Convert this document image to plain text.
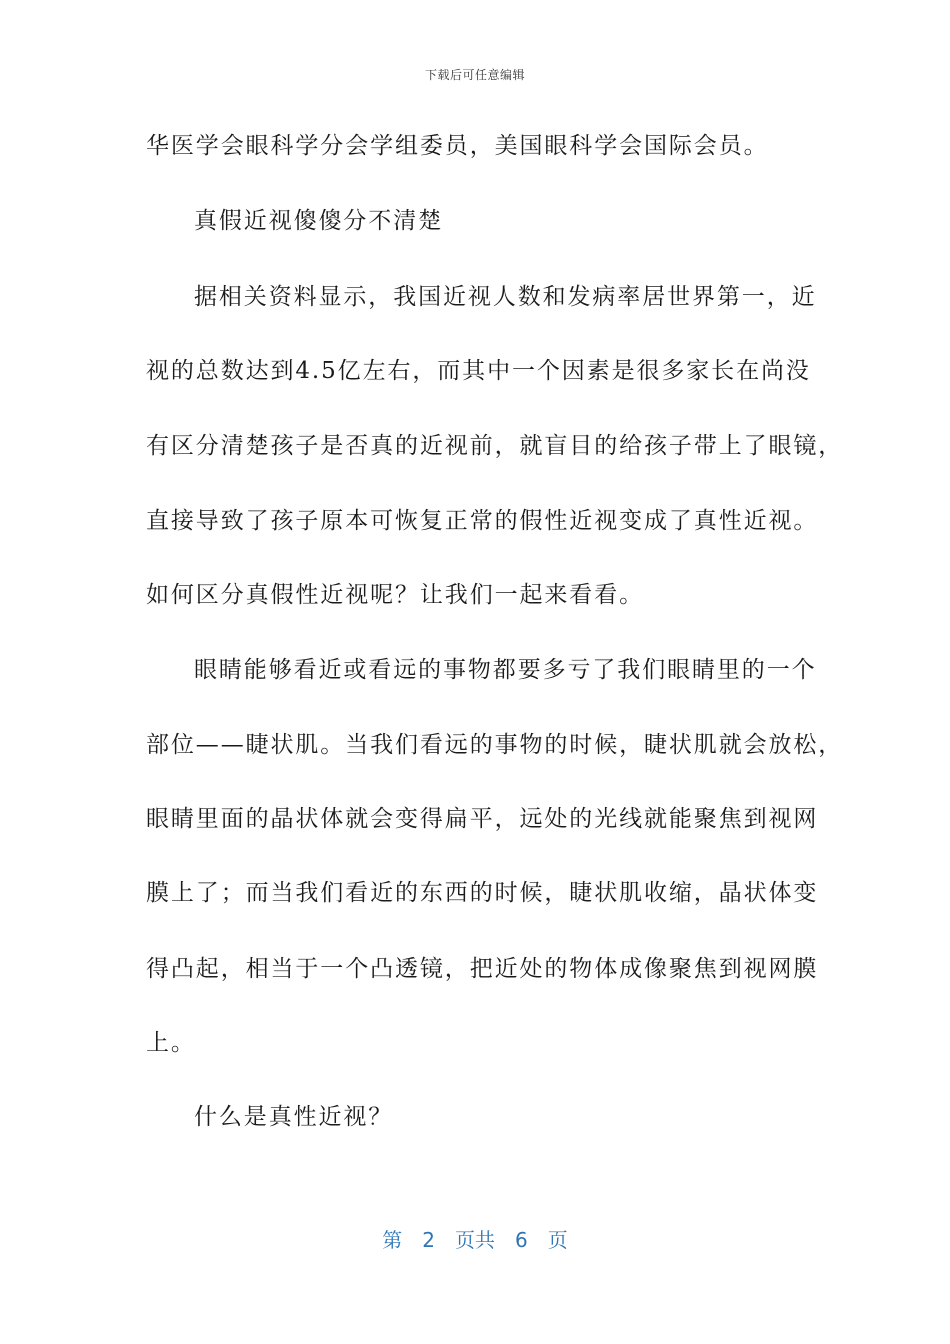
下载后可任意编辑
华医学会眼科学分会学组委员，美国眼科学会国际会员。
真假近视傻傻分不清楚
据相关资料显示，我国近视人数和发病率居世界第一，近
视的总数达到4.5亿左右，而其中一个因素是很多家长在尚没
有区分清楚孩子是否真的近视前，就盲目的给孩子带上了眼镜，
直接导致了孩子原本可恢复正常的假性近视变成了真性近视。
如何区分真假性近视呢？让我们一起来看看。
眼睛能够看近或看远的事物都要多亏了我们眼睛里的一个
部位——睫状肌。当我们看远的事物的时候，睫状肌就会放松，
眼睛里面的晶状体就会变得扁平，远处的光线就能聚焦到视网
膜上了；而当我们看近的东西的时候，睫状肌收缩，晶状体变
得凸起，相当于一个凸透镜，把近处的物体成像聚焦到视网膜
上。
什么是真性近视？
第 2 页共 6 页
